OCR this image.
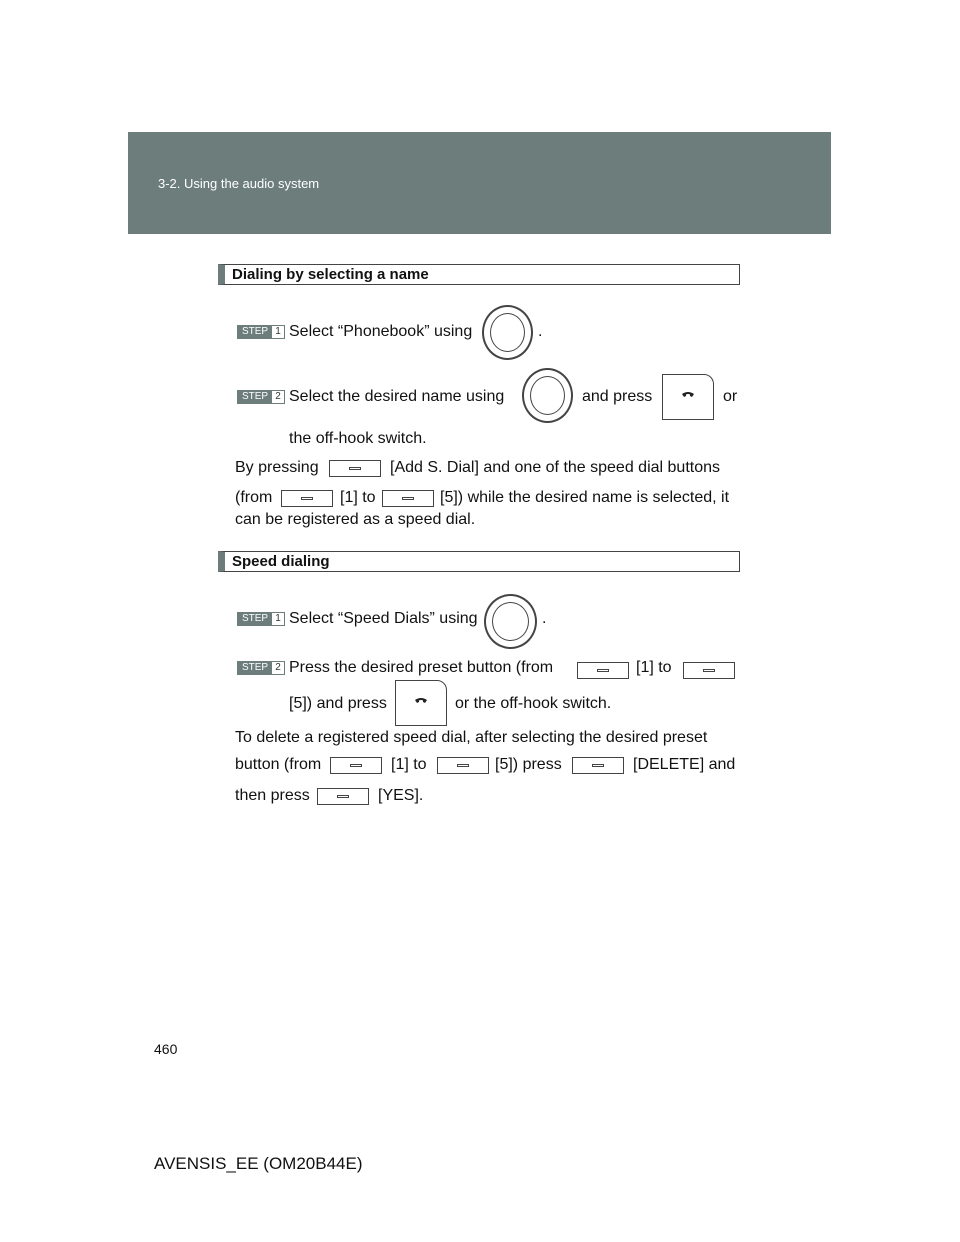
3-2. Using the audio system
Dialing by selecting a name
STEP 1 Select “Phonebook” using	.
STEP 2 Select the desired name using	and press	or
the off-hook switch.
By pressing	[Add S. Dial] and one of the speed dial buttons
(from	[1] to	[5]) while the desired name is selected, it
can be registered as a speed dial.
Speed dialing
STEP 1 Select “Speed Dials” using	.
STEP 2 Press the desired preset button (from	[1] to
[5]) and press	or the off-hook switch.
To delete a registered speed dial, after selecting the desired preset
button (from	[1] to	[5]) press	[DELETE] and
then press	[YES].
460
AVENSIS_EE (OM20B44E)
